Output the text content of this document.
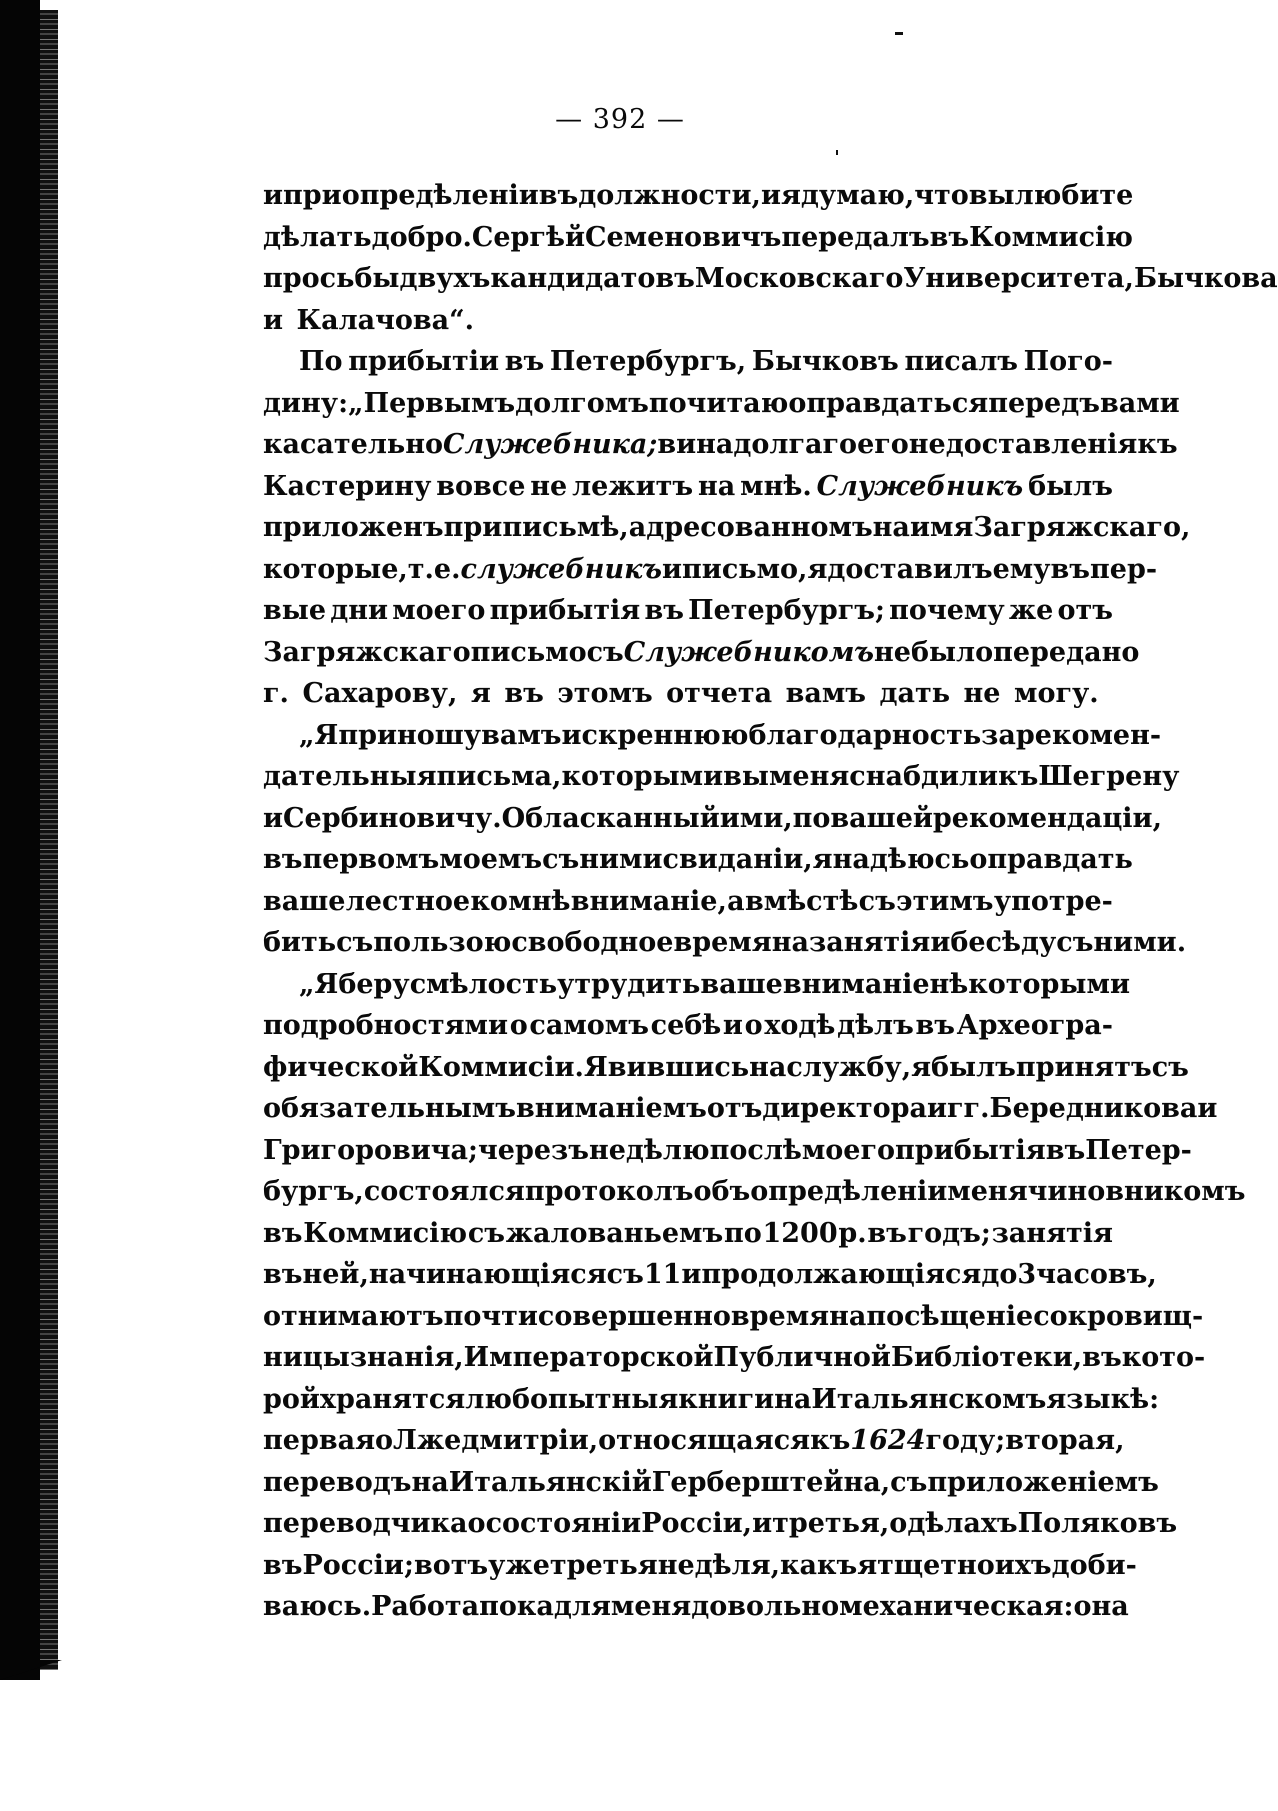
— 392 —
и при опредѣленіи въ должности, и я думаю, что вы любите
дѣлать добро. Сергѣй Семеновичъ передалъ въ Коммисію
просьбы двухъ кандидатовъ Московскаго Университета, Бычкова
и Калачова“.
По прибытіи въ Петербургъ, Бычковъ писалъ Пого-
дину: „Первымъ долгомъ почитаю оправдаться передъ вами
касательно Служебника; вина долгаго его недоставленія къ
Кастерину вовсе не лежитъ на мнѣ. Служебникъ былъ
приложенъ при письмѣ, адресованномъ на имя Загряжскаго,
которые, т. е. служебникъ и письмо, я доставилъ ему въ пер-
вые дни моего прибытія въ Петербургъ; почему же отъ
Загряжскаго письмо съ Служебникомъ не было передано
г. Сахарову, я въ этомъ отчета вамъ дать не могу.
„Я приношу вамъ искреннюю благодарность за рекомен-
дательныя письма, которыми вы меня снабдили къ Шегрену
и Сербиновичу. Обласканный ими, по вашей рекомендаціи,
въ первомъ моемъ съ ними свиданіи, я надѣюсь оправдать
ваше лестное ко мнѣ вниманіе, а вмѣстѣ съ этимъ употре-
бить съ пользою свободное время на занятія и бесѣду съ ними.
„Я беру смѣлость утрудить ваше вниманіе нѣкоторыми
подробностями о самомъ себѣ и о ходѣ дѣлъ въ Археогра-
фической Коммисіи. Явившись на службу, я былъ принятъ съ
обязательнымъ вниманіемъ отъ директора и гг. Бередникова и
Григоровича; черезъ недѣлю послѣ моего прибытія въ Петер-
бургъ, состоялся протоколъ объ опредѣленіи меня чиновникомъ
въ Коммисію съ жалованьемъ по 1200 р. въ годъ; занятія
въ ней, начинающіяся съ 11 и продолжающіяся до 3 часовъ,
отнимаютъ почти совершенно время на посѣщеніе сокровищ-
ницы знанія, Императорской Публичной Библіотеки, въ кото-
рой хранятся любопытныя книги на Итальянскомъ языкѣ:
первая о Лжедмитріи, относящаяся къ 1624 году; вторая,
переводъ на Итальянскій Герберштейна, съ приложеніемъ
переводчика о состояніи Россіи, и третья, о дѣлахъ Поляковъ
въ Россіи; вотъ уже третья недѣля, какъ я тщетно ихъ доби-
ваюсь. Работа пока для меня довольно механическая: она
